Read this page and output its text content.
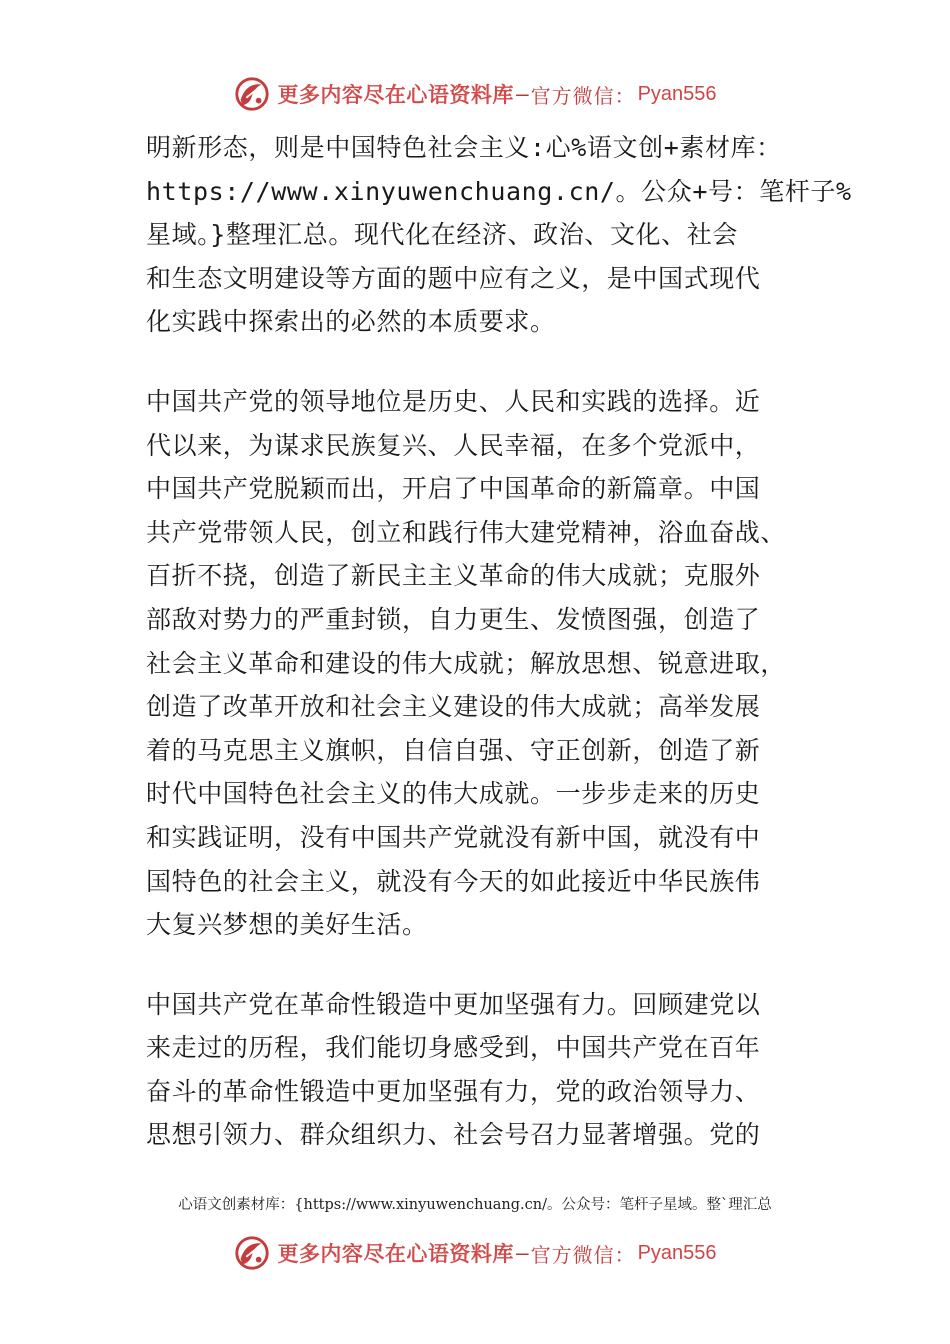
更多内容尽在心语资料库 — 官方微信： Pyan556
明新形态，则是中国特色社会主义:心%语文创+素材库：
https://www.xinyuwenchuang.cn/。公众+号：笔杆子%
星域。}整理汇总。现代化在经济、政治、文化、社会
和生态文明建设等方面的题中应有之义，是中国式现代
化实践中探索出的必然的本质要求。
中国共产党的领导地位是历史、人民和实践的选择。近
代以来，为谋求民族复兴、人民幸福，在多个党派中，
中国共产党脱颖而出，开启了中国革命的新篇章。中国
共产党带领人民，创立和践行伟大建党精神，浴血奋战、
百折不挠，创造了新民主主义革命的伟大成就；克服外
部敌对势力的严重封锁，自力更生、发愤图强，创造了
社会主义革命和建设的伟大成就；解放思想、锐意进取，
创造了改革开放和社会主义建设的伟大成就；高举发展
着的马克思主义旗帜，自信自强、守正创新，创造了新
时代中国特色社会主义的伟大成就。一步步走来的历史
和实践证明，没有中国共产党就没有新中国，就没有中
国特色的社会主义，就没有今天的如此接近中华民族伟
大复兴梦想的美好生活。
中国共产党在革命性锻造中更加坚强有力。回顾建党以
来走过的历程，我们能切身感受到，中国共产党在百年
奋斗的革命性锻造中更加坚强有力，党的政治领导力、
思想引领力、群众组织力、社会号召力显著增强。党的
心语文创素材库：{https://www.xinyuwenchuang.cn/。公众号：笔杆子星域。整`理汇总
更多内容尽在心语资料库 — 官方微信： Pyan556
